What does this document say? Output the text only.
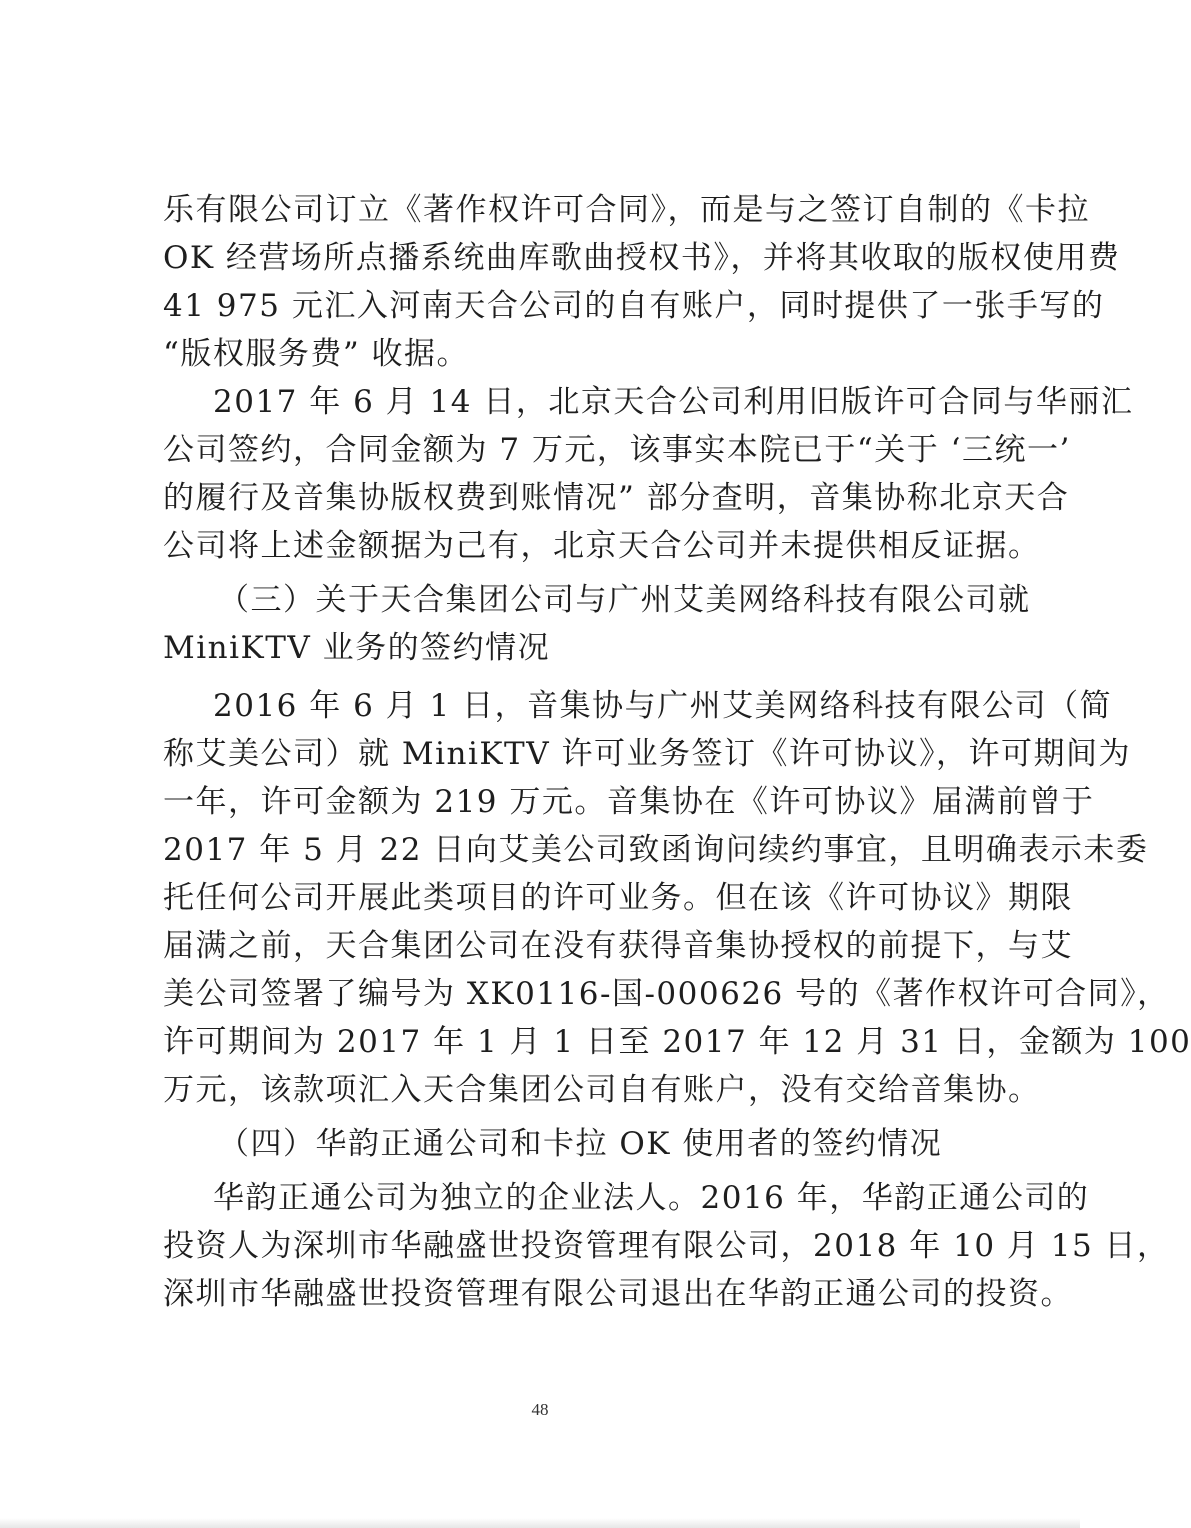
乐有限公司订立《著作权许可合同》，而是与之签订自制的《卡拉
OK 经营场所点播系统曲库歌曲授权书》，并将其收取的版权使用费
41 975 元汇入河南天合公司的自有账户，同时提供了一张手写的
“版权服务费” 收据。
2017 年 6 月 14 日，北京天合公司利用旧版许可合同与华丽汇
公司签约，合同金额为 7 万元，该事实本院已于“关于 ‘三统一’
的履行及音集协版权费到账情况” 部分查明，音集协称北京天合
公司将上述金额据为己有，北京天合公司并未提供相反证据。
（三）关于天合集团公司与广州艾美网络科技有限公司就
MiniKTV 业务的签约情况
2016 年 6 月 1 日，音集协与广州艾美网络科技有限公司（简
称艾美公司）就 MiniKTV 许可业务签订《许可协议》，许可期间为
一年，许可金额为 219 万元。音集协在《许可协议》届满前曾于
2017 年 5 月 22 日向艾美公司致函询问续约事宜，且明确表示未委
托任何公司开展此类项目的许可业务。但在该《许可协议》期限
届满之前，天合集团公司在没有获得音集协授权的前提下，与艾
美公司签署了编号为 XK0116-国-000626 号的《著作权许可合同》，
许可期间为 2017 年 1 月 1 日至 2017 年 12 月 31 日，金额为 100
万元，该款项汇入天合集团公司自有账户，没有交给音集协。
（四）华韵正通公司和卡拉 OK 使用者的签约情况
华韵正通公司为独立的企业法人。2016 年，华韵正通公司的
投资人为深圳市华融盛世投资管理有限公司，2018 年 10 月 15 日，
深圳市华融盛世投资管理有限公司退出在华韵正通公司的投资。
48
